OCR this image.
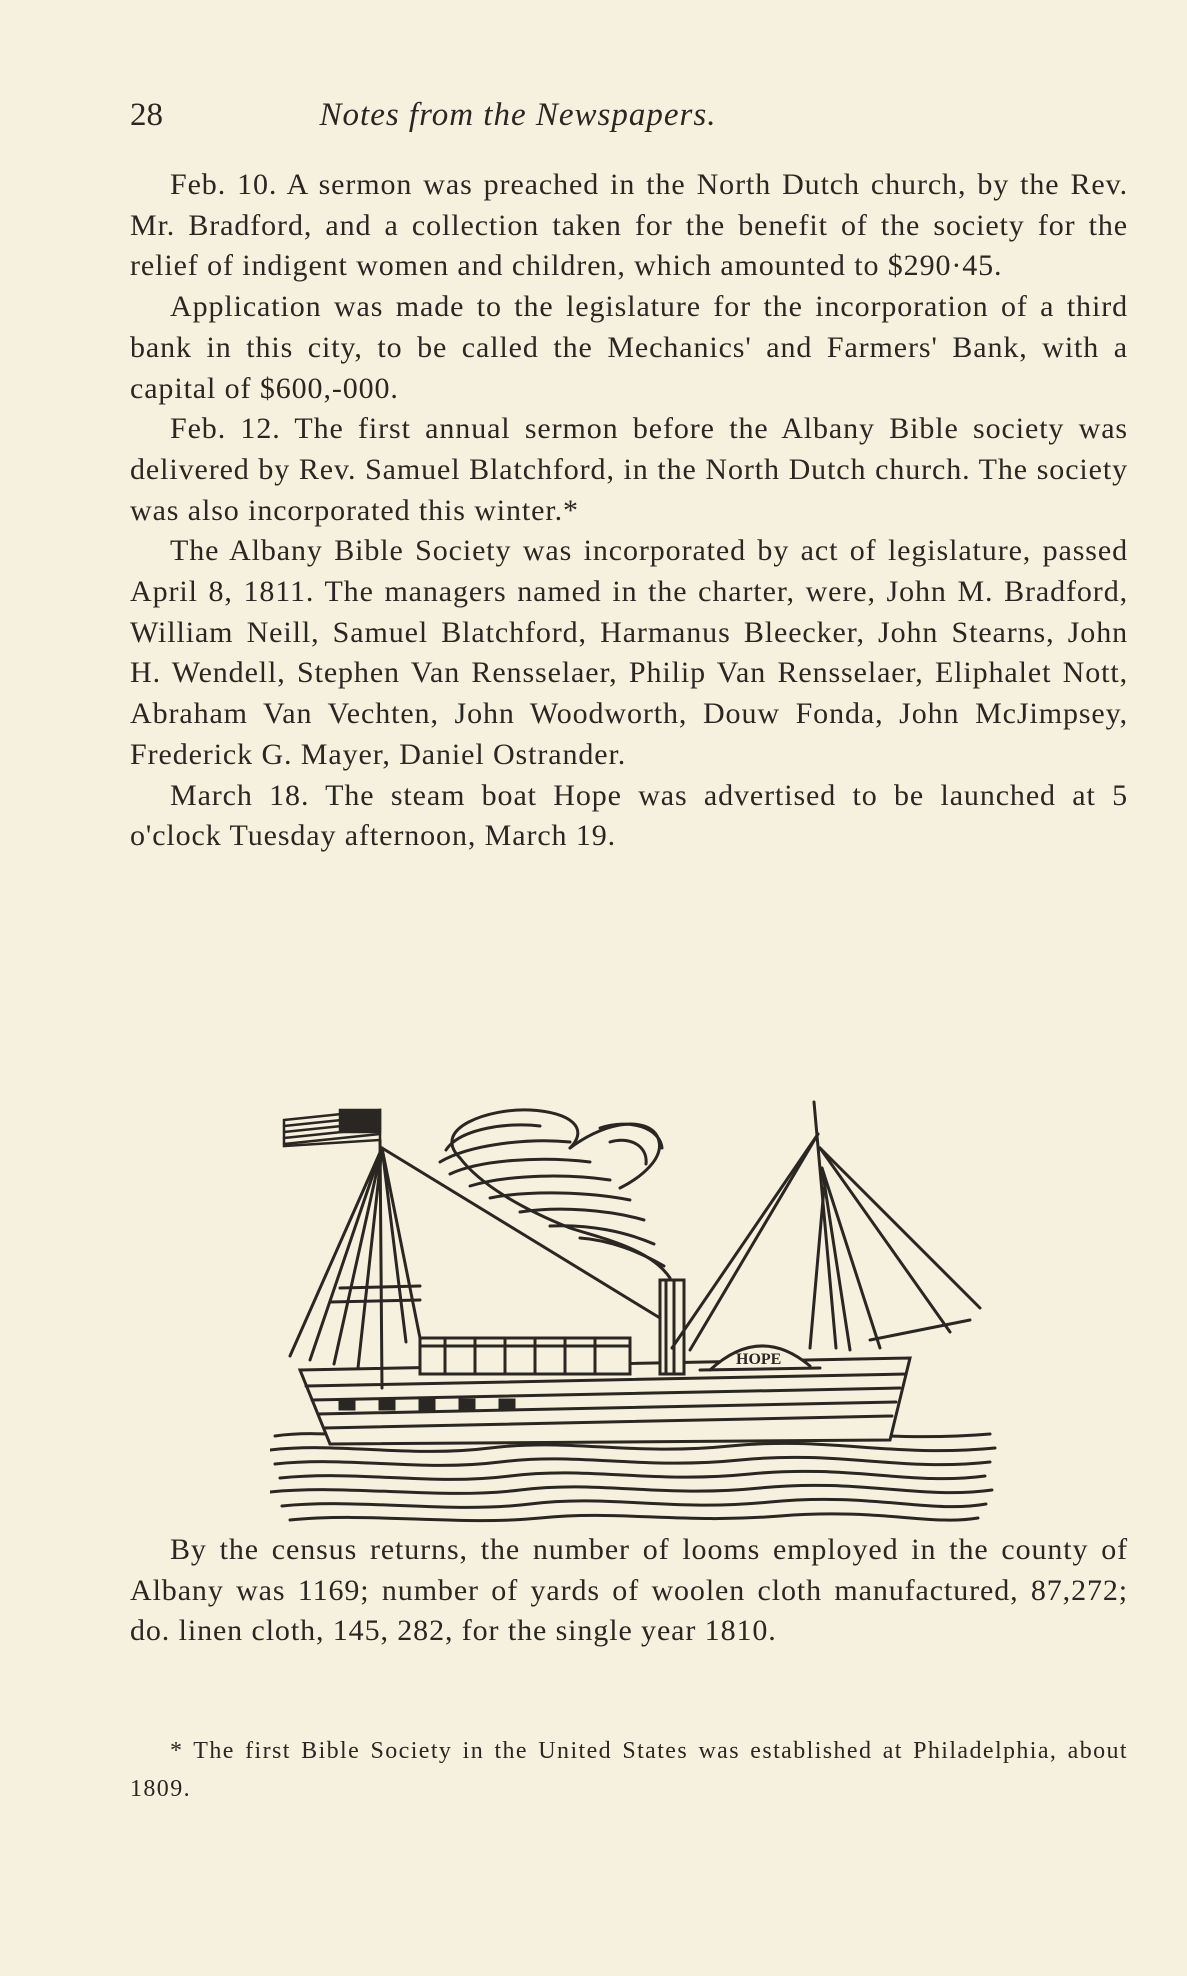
28	Notes from the Newspapers.

Feb. 10. A sermon was preached in the North Dutch church, by the Rev. Mr. Bradford, and a collection taken for the benefit of the society for the relief of indigent women and children, which amounted to $290·45.

Application was made to the legislature for the incorporation of a third bank in this city, to be called the Mechanics' and Farmers' Bank, with a capital of $600,-000.

Feb. 12. The first annual sermon before the Albany Bible society was delivered by Rev. Samuel Blatchford, in the North Dutch church. The society was also incorporated this winter.*

The Albany Bible Society was incorporated by act of legislature, passed April 8, 1811. The managers named in the charter, were, John M. Bradford, William Neill, Samuel Blatchford, Harmanus Bleecker, John Stearns, John H. Wendell, Stephen Van Rensselaer, Philip Van Rensselaer, Eliphalet Nott, Abraham Van Vechten, John Woodworth, Douw Fonda, John McJimpsey, Frederick G. Mayer, Daniel Ostrander.

March 18. The steam boat Hope was advertised to be launched at 5 o'clock Tuesday afternoon, March 19.

HOPE

By the census returns, the number of looms employed in the county of Albany was 1169; number of yards of woolen cloth manufactured, 87,272; do. linen cloth, 145, 282, for the single year 1810.

* The first Bible Society in the United States was established at Philadelphia, about 1809.
